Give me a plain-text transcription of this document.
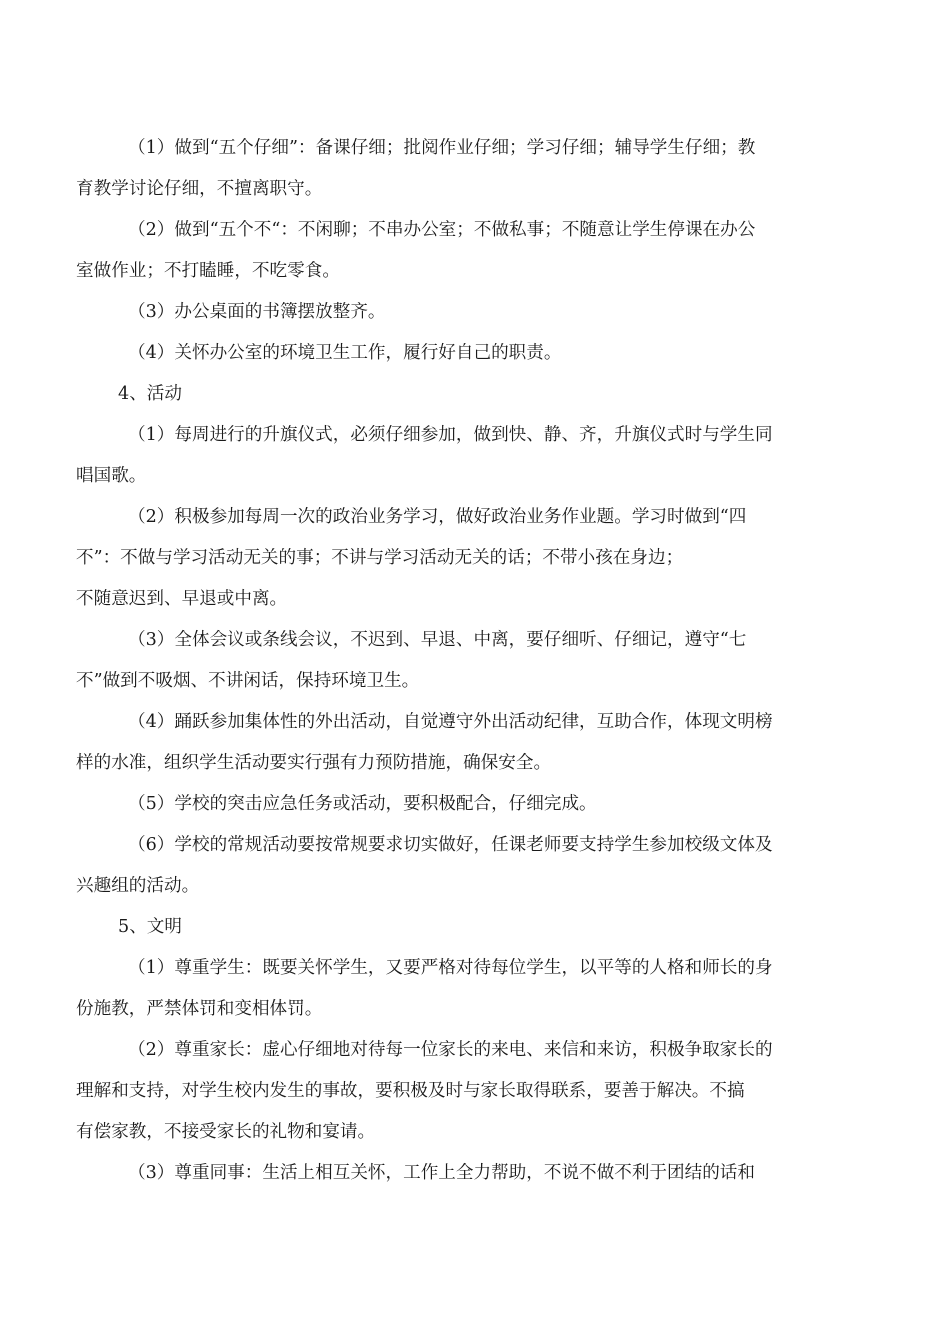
（1）做到“五个仔细”：备课仔细；批阅作业仔细；学习仔细；辅导学生仔细；教
育教学讨论仔细，不擅离职守。

（2）做到“五个不“：不闲聊；不串办公室；不做私事；不随意让学生停课在办公
室做作业；不打瞌睡，不吃零食。

（3）办公桌面的书簿摆放整齐。

（4）关怀办公室的环境卫生工作，履行好自己的职责。

4、活动

（1）每周进行的升旗仪式，必须仔细参加，做到快、静、齐，升旗仪式时与学生同
唱国歌。

（2）积极参加每周一次的政治业务学习，做好政治业务作业题。学习时做到“四
不”：不做与学习活动无关的事；不讲与学习活动无关的话；不带小孩在身边；

不随意迟到、早退或中离。

（3）全体会议或条线会议，不迟到、早退、中离，要仔细听、仔细记，遵守“七
不”做到不吸烟、不讲闲话，保持环境卫生。

（4）踊跃参加集体性的外出活动，自觉遵守外出活动纪律，互助合作，体现文明榜
样的水准，组织学生活动要实行强有力预防措施，确保安全。

（5）学校的突击应急任务或活动，要积极配合，仔细完成。

（6）学校的常规活动要按常规要求切实做好，任课老师要支持学生参加校级文体及
兴趣组的活动。

5、文明

（1）尊重学生：既要关怀学生，又要严格对待每位学生，以平等的人格和师长的身
份施教，严禁体罚和变相体罚。

（2）尊重家长：虚心仔细地对待每一位家长的来电、来信和来访，积极争取家长的
理解和支持，对学生校内发生的事故，要积极及时与家长取得联系，要善于解决。不搞
有偿家教，不接受家长的礼物和宴请。

（3）尊重同事：生活上相互关怀，工作上全力帮助，不说不做不利于团结的话和
